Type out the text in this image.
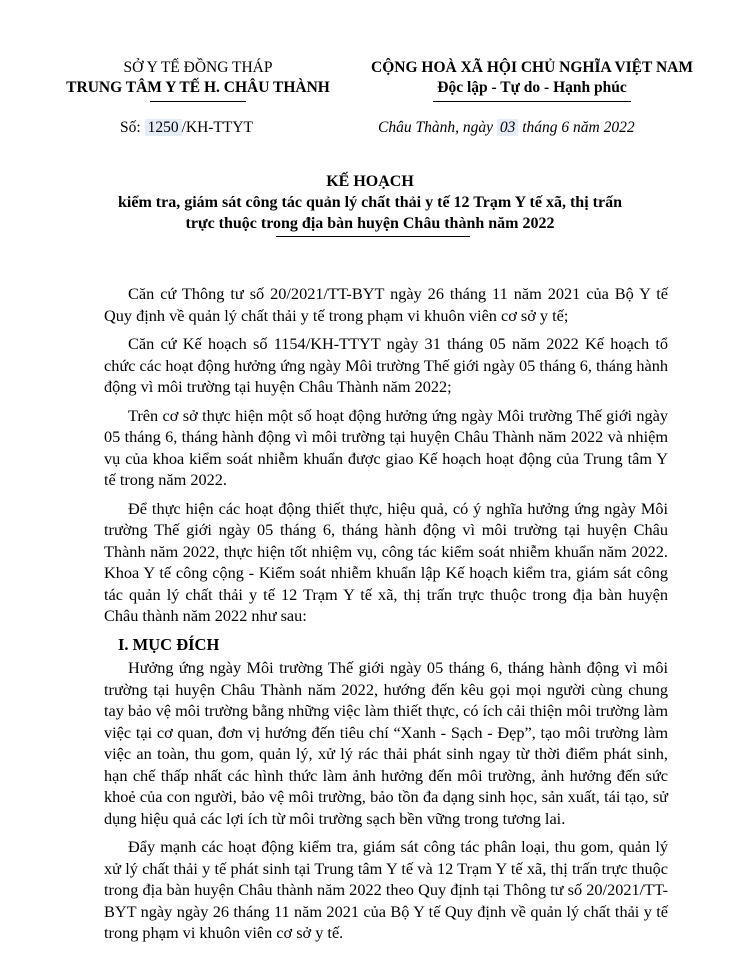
SỞ Y TẾ ĐỒNG THÁP
TRUNG TÂM Y TẾ H. CHÂU THÀNH
CỘNG HOÀ XÃ HỘI CHỦ NGHĨA VIỆT NAM
Độc lập - Tự do - Hạnh phúc
Số: 1250 /KH-TTYT	Châu Thành, ngày 03 tháng 6 năm 2022
KẾ HOẠCH
kiểm tra, giám sát công tác quản lý chất thải y tế 12 Trạm Y tế xã, thị trấn
trực thuộc trong địa bàn huyện Châu thành năm 2022

Căn cứ Thông tư số 20/2021/TT-BYT ngày 26 tháng 11 năm 2021 của Bộ Y tế Quy định về quản lý chất thải y tế trong phạm vi khuôn viên cơ sở y tế;

Căn cứ Kế hoạch số 1154/KH-TTYT ngày 31 tháng 05 năm 2022 Kế hoạch tổ chức các hoạt động hưởng ứng ngày Môi trường Thế giới ngày 05 tháng 6, tháng hành động vì môi trường tại huyện Châu Thành năm 2022;

Trên cơ sở thực hiện một số hoạt động hưởng ứng ngày Môi trường Thế giới ngày 05 tháng 6, tháng hành động vì môi trường tại huyện Châu Thành năm 2022 và nhiệm vụ của khoa kiểm soát nhiễm khuẩn được giao Kế hoạch hoạt động của Trung tâm Y tế trong năm 2022.

Để thực hiện các hoạt động thiết thực, hiệu quả, có ý nghĩa hưởng ứng ngày Môi trường Thế giới ngày 05 tháng 6, tháng hành động vì môi trường tại huyện Châu Thành năm 2022, thực hiện tốt nhiệm vụ, công tác kiểm soát nhiễm khuẩn năm 2022. Khoa Y tế công cộng - Kiểm soát nhiễm khuẩn lập Kế hoạch kiểm tra, giám sát công tác quản lý chất thải y tế 12 Trạm Y tế xã, thị trấn trực thuộc trong địa bàn huyện Châu thành năm 2022 như sau:

I. MỤC ĐÍCH

Hưởng ứng ngày Môi trường Thế giới ngày 05 tháng 6, tháng hành động vì môi trường tại huyện Châu Thành năm 2022, hướng đến kêu gọi mọi người cùng chung tay bảo vệ môi trường bằng những việc làm thiết thực, có ích cải thiện môi trường làm việc tại cơ quan, đơn vị hướng đến tiêu chí “Xanh - Sạch - Đẹp”, tạo môi trường làm việc an toàn, thu gom, quản lý, xử lý rác thải phát sinh ngay từ thời điểm phát sinh, hạn chế thấp nhất các hình thức làm ảnh hưởng đến môi trường, ảnh hưởng đến sức khoẻ của con người, bảo vệ môi trường, bảo tồn đa dạng sinh học, sản xuất, tái tạo, sử dụng hiệu quả các lợi ích từ môi trường sạch bền vững trong tương lai.

Đẩy mạnh các hoạt động kiểm tra, giám sát công tác phân loại, thu gom, quản lý xử lý chất thải y tế phát sinh tại Trung tâm Y tế và 12 Trạm Y tế xã, thị trấn trực thuộc trong địa bàn huyện Châu thành năm 2022 theo Quy định tại Thông tư số 20/2021/TT-BYT ngày ngày 26 tháng 11 năm 2021 của Bộ Y tế Quy định về quản lý chất thải y tế trong phạm vi khuôn viên cơ sở y tế.
